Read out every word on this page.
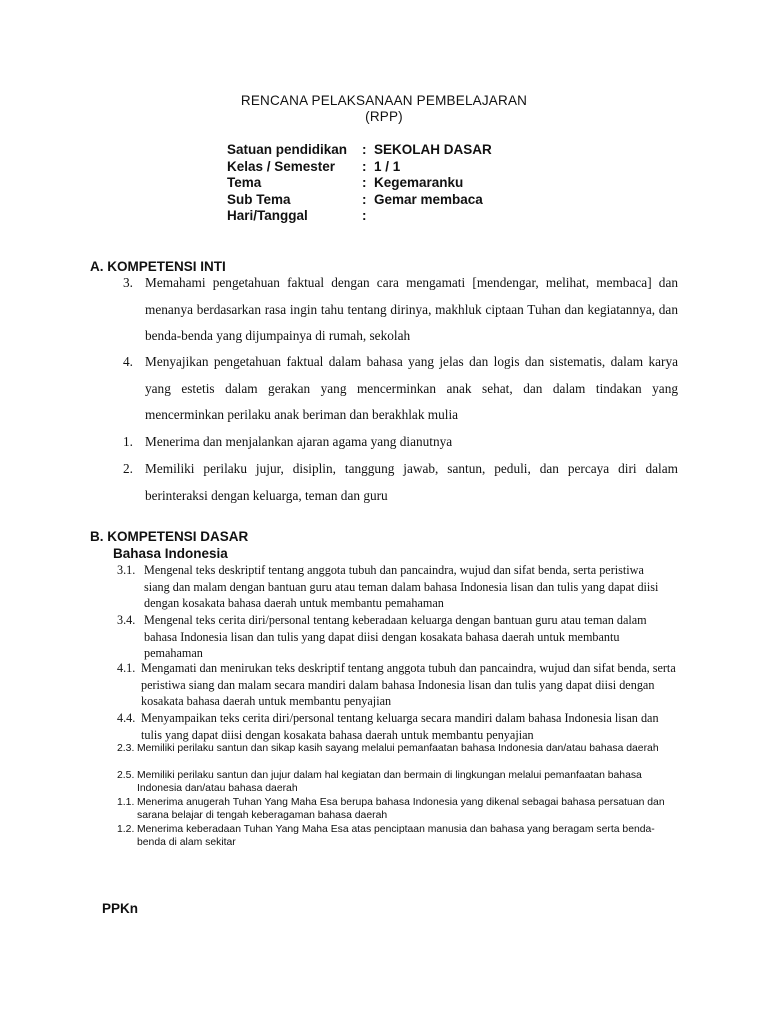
RENCANA PELAKSANAAN PEMBELAJARAN
(RPP)
Satuan pendidikan : SEKOLAH DASAR
Kelas / Semester : 1 / 1
Tema	: Kegemaranku
Sub Tema	: Gemar membaca
Hari/Tanggal	:
A. KOMPETENSI INTI
3. Memahami pengetahuan faktual dengan cara mengamati [mendengar, melihat, membaca] dan menanya berdasarkan rasa ingin tahu tentang dirinya, makhluk ciptaan Tuhan dan kegiatannya, dan benda-benda yang dijumpainya di rumah, sekolah
4. Menyajikan pengetahuan faktual dalam bahasa yang jelas dan logis dan sistematis, dalam karya yang estetis dalam gerakan yang mencerminkan anak sehat, dan dalam tindakan yang mencerminkan perilaku anak beriman dan berakhlak mulia
1. Menerima dan menjalankan ajaran agama yang dianutnya
2. Memiliki perilaku jujur, disiplin, tanggung jawab, santun, peduli, dan percaya diri dalam berinteraksi dengan keluarga, teman dan guru
B. KOMPETENSI DASAR
Bahasa Indonesia
3.1. Mengenal teks deskriptif tentang anggota tubuh dan pancaindra, wujud dan sifat benda, serta peristiwa siang dan malam dengan bantuan guru atau teman dalam bahasa Indonesia lisan dan tulis yang dapat diisi dengan kosakata bahasa daerah untuk membantu pemahaman
3.4. Mengenal teks cerita diri/personal tentang keberadaan keluarga dengan bantuan guru atau teman dalam bahasa Indonesia lisan dan tulis yang dapat diisi dengan kosakata bahasa daerah untuk membantu pemahaman
4.1. Mengamati dan menirukan teks deskriptif tentang anggota tubuh dan pancaindra, wujud dan sifat benda, serta peristiwa siang dan malam secara mandiri dalam bahasa Indonesia lisan dan tulis yang dapat diisi dengan kosakata bahasa daerah untuk membantu penyajian
4.4. Menyampaikan teks cerita diri/personal tentang keluarga secara mandiri dalam bahasa Indonesia lisan dan tulis yang dapat diisi dengan kosakata bahasa daerah untuk membantu penyajian
2.3. Memiliki perilaku santun dan sikap kasih sayang melalui pemanfaatan bahasa Indonesia dan/atau bahasa daerah
2.5. Memiliki perilaku santun dan jujur dalam hal kegiatan dan bermain di lingkungan melalui pemanfaatan bahasa Indonesia dan/atau bahasa daerah
1.1. Menerima anugerah Tuhan Yang Maha Esa berupa bahasa Indonesia yang dikenal sebagai bahasa persatuan dan sarana belajar di tengah keberagaman bahasa daerah
1.2. Menerima keberadaan Tuhan Yang Maha Esa atas penciptaan manusia dan bahasa yang beragam serta benda-benda di alam sekitar
PPKn
